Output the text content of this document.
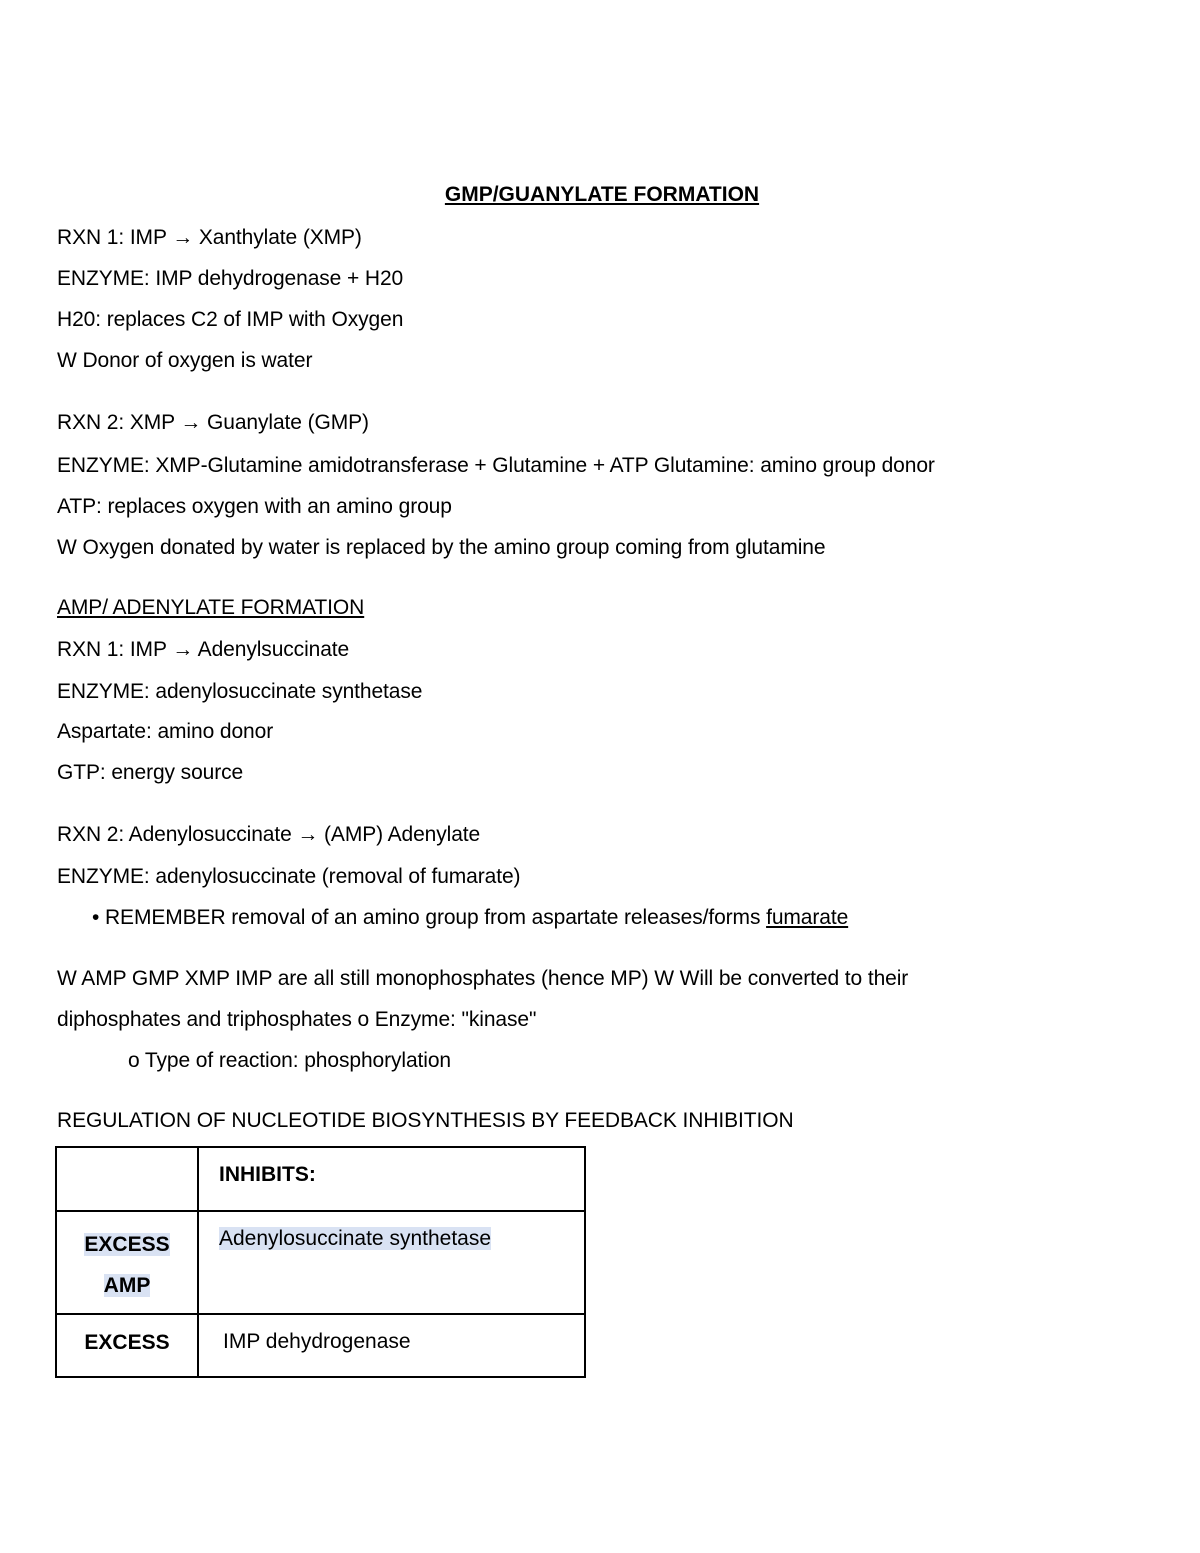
GMP/GUANYLATE FORMATION
RXN 1: IMP → Xanthylate (XMP)
ENZYME: IMP dehydrogenase + H20
H20: replaces C2 of IMP with Oxygen
W Donor of oxygen is water
RXN 2: XMP → Guanylate (GMP)
ENZYME: XMP-Glutamine amidotransferase + Glutamine + ATP Glutamine: amino group donor
ATP: replaces oxygen with an amino group
W Oxygen donated by water is replaced by the amino group coming from glutamine
AMP/ ADENYLATE FORMATION
RXN 1: IMP → Adenylsuccinate
ENZYME: adenylosuccinate synthetase
Aspartate: amino donor
GTP: energy source
RXN 2: Adenylosuccinate → (AMP) Adenylate
ENZYME: adenylosuccinate (removal of fumarate)
• REMEMBER removal of an amino group from aspartate releases/forms fumarate
W AMP GMP XMP IMP are all still monophosphates (hence MP) W Will be converted to their
diphosphates and triphosphates o Enzyme: "kinase"
o Type of reaction: phosphorylation
REGULATION OF NUCLEOTIDE BIOSYNTHESIS BY FEEDBACK INHIBITION

	INHIBITS:

EXCESS
AMP	Adenylosuccinate synthetase

EXCESS	IMP dehydrogenase
